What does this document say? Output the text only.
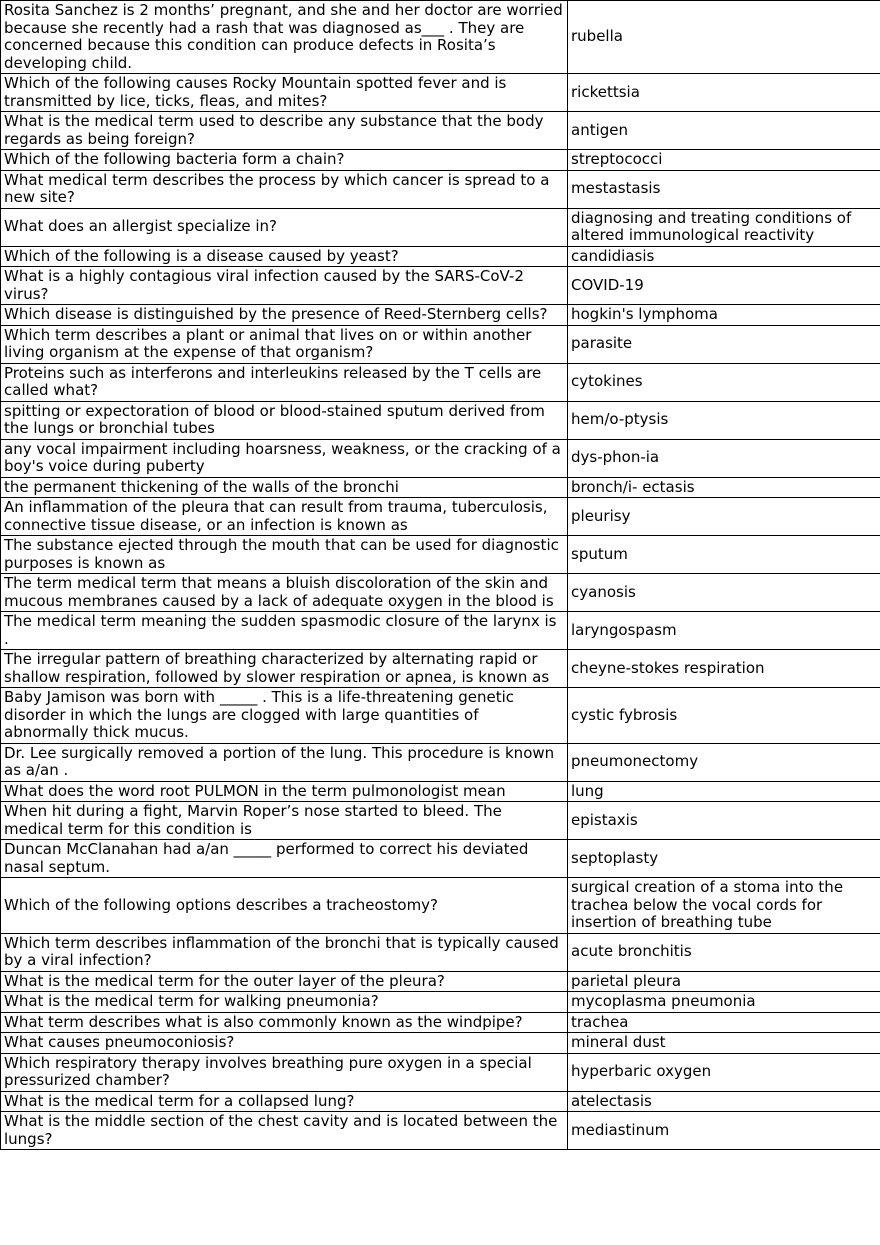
Rosita Sanchez is 2 months’ pregnant, and she and her doctor are worried because she recently had a rash that was diagnosed as___ . They are concerned because this condition can produce defects in Rosita’s developing child.	rubella
Which of the following causes Rocky Mountain spotted fever and is transmitted by lice, ticks, fleas, and mites?	rickettsia
What is the medical term used to describe any substance that the body regards as being foreign?	antigen
Which of the following bacteria form a chain?	streptococci
What medical term describes the process by which cancer is spread to a new site?	mestastasis
What does an allergist specialize in?	diagnosing and treating conditions of altered immunological reactivity
Which of the following is a disease caused by yeast?	candidiasis
What is a highly contagious viral infection caused by the SARS-CoV-2 virus?	COVID-19
Which disease is distinguished by the presence of Reed-Sternberg cells?	hogkin's lymphoma
Which term describes a plant or animal that lives on or within another living organism at the expense of that organism?	parasite
Proteins such as interferons and interleukins released by the T cells are called what?	cytokines
spitting or expectoration of blood or blood-stained sputum derived from the lungs or bronchial tubes	hem/o-ptysis
any vocal impairment including hoarsness, weakness, or the cracking of a boy's voice during puberty	dys-phon-ia
the permanent thickening of the walls of the bronchi	bronch/i- ectasis
An inflammation of the pleura that can result from trauma, tuberculosis, connective tissue disease, or an infection is known as	pleurisy
The substance ejected through the mouth that can be used for diagnostic purposes is known as	sputum
The term medical term that means a bluish discoloration of the skin and mucous membranes caused by a lack of adequate oxygen in the blood is	cyanosis
The medical term meaning the sudden spasmodic closure of the larynx is .	laryngospasm
The irregular pattern of breathing characterized by alternating rapid or shallow respiration, followed by slower respiration or apnea, is known as	cheyne-stokes respiration
Baby Jamison was born with _____ . This is a life-threatening genetic disorder in which the lungs are clogged with large quantities of abnormally thick mucus.	cystic fybrosis
Dr. Lee surgically removed a portion of the lung. This procedure is known as a/an .	pneumonectomy
What does the word root PULMON in the term pulmonologist mean	lung
When hit during a fight, Marvin Roper’s nose started to bleed. The medical term for this condition is	epistaxis
Duncan McClanahan had a/an _____ performed to correct his deviated nasal septum.	septoplasty
Which of the following options describes a tracheostomy?	surgical creation of a stoma into the trachea below the vocal cords for insertion of breathing tube
Which term describes inflammation of the bronchi that is typically caused by a viral infection?	acute bronchitis
What is the medical term for the outer layer of the pleura?	parietal pleura
What is the medical term for walking pneumonia?	mycoplasma pneumonia
What term describes what is also commonly known as the windpipe?	trachea
What causes pneumoconiosis?	mineral dust
Which respiratory therapy involves breathing pure oxygen in a special pressurized chamber?	hyperbaric oxygen
What is the medical term for a collapsed lung?	atelectasis
What is the middle section of the chest cavity and is located between the lungs?	mediastinum
